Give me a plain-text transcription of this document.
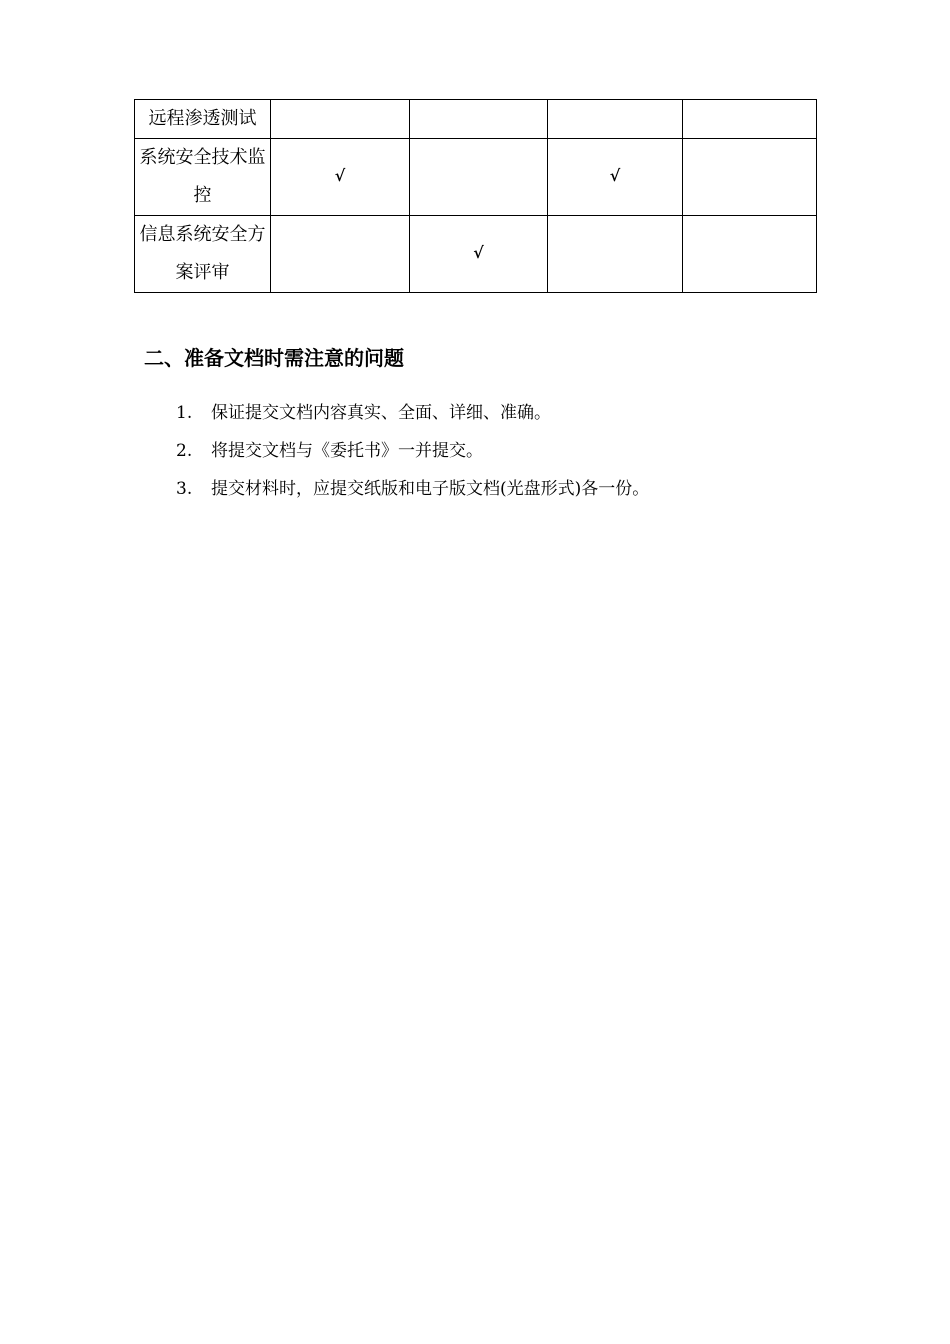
远程渗透测试				
系统安全技术监控	√		√	
信息系统安全方案评审		√		
二、准备文档时需注意的问题
1. 保证提交文档内容真实、全面、详细、准确。
2. 将提交文档与《委托书》一并提交。
3. 提交材料时，应提交纸版和电子版文档(光盘形式)各一份。
